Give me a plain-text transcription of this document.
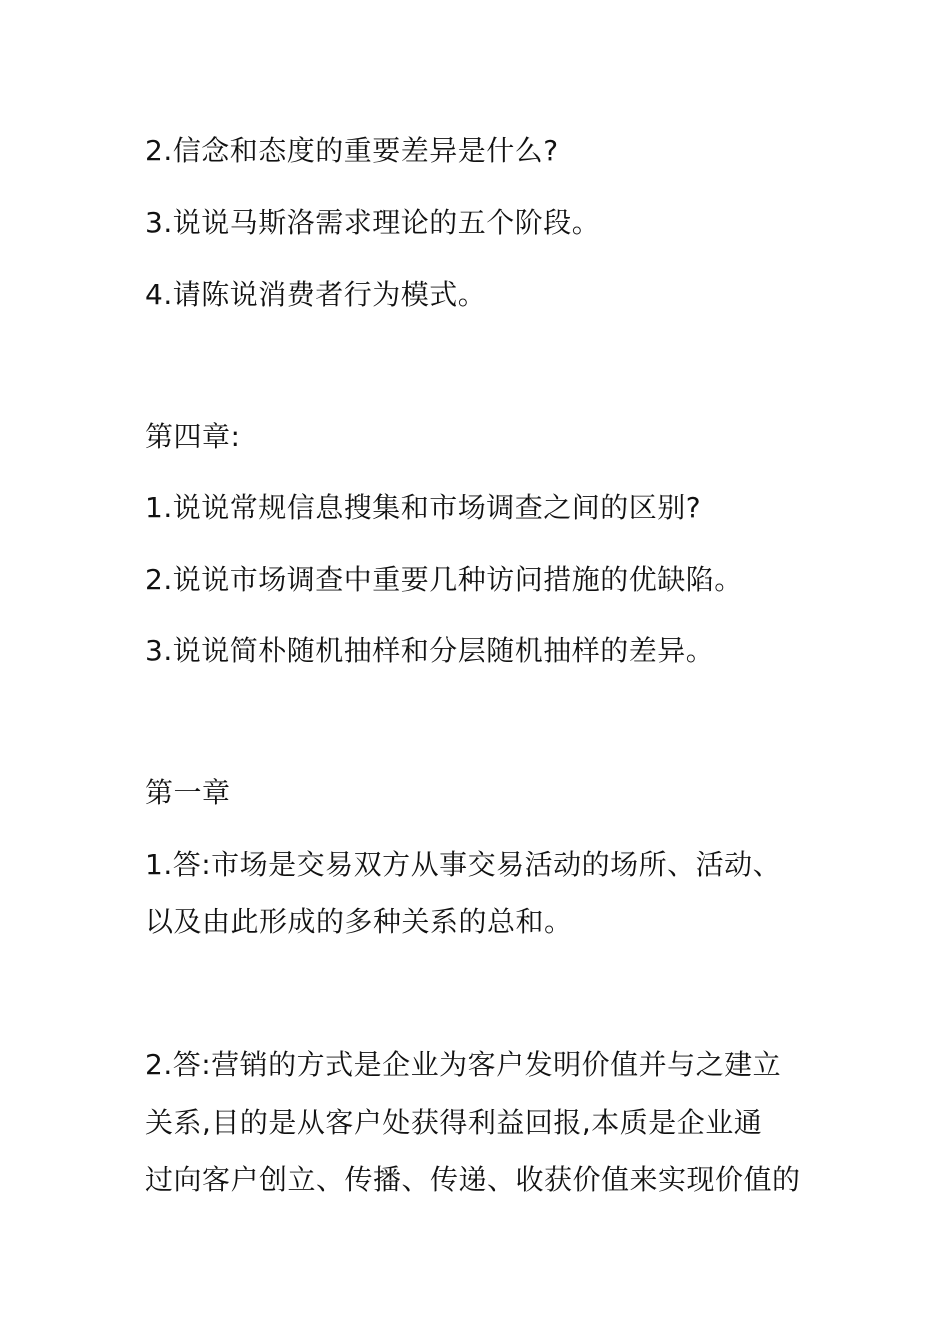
2.信念和态度的重要差异是什么?
3.说说马斯洛需求理论的五个阶段。
4.请陈说消费者行为模式。
第四章:
1.说说常规信息搜集和市场调查之间的区别?
2.说说市场调查中重要几种访问措施的优缺陷。
3.说说简朴随机抽样和分层随机抽样的差异。
第一章
1.答:市场是交易双方从事交易活动的场所、活动、
以及由此形成的多种关系的总和。
2.答:营销的方式是企业为客户发明价值并与之建立
关系,目的是从客户处获得利益回报,本质是企业通
过向客户创立、传播、传递、收获价值来实现价值的
